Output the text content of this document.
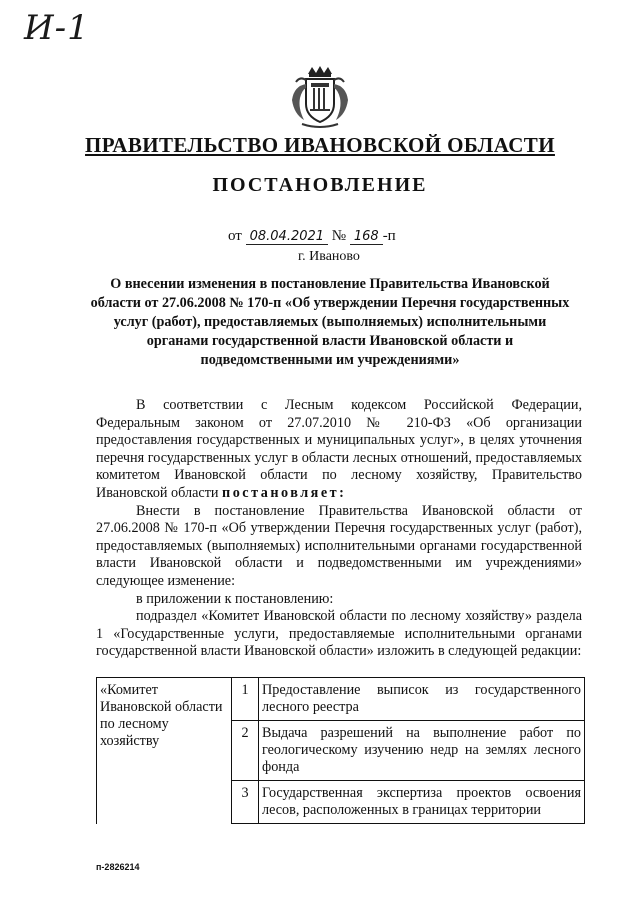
И-1
ПРАВИТЕЛЬСТВО ИВАНОВСКОЙ ОБЛАСТИ
ПОСТАНОВЛЕНИЕ
от 08.04.2021 № 168 -п
г. Иваново
О внесении изменения в постановление Правительства Ивановской области от 27.06.2008 № 170-п «Об утверждении Перечня государственных услуг (работ), предоставляемых (выполняемых) исполнительными органами государственной власти Ивановской области и подведомственными им учреждениями»

В соответствии с Лесным кодексом Российской Федерации, Федеральным законом от 27.07.2010 № 210-ФЗ «Об организации предоставления государственных и муниципальных услуг», в целях уточнения перечня государственных услуг в области лесных отношений, предоставляемых комитетом Ивановской области по лесному хозяйству, Правительство Ивановской области постановляет:

Внести в постановление Правительства Ивановской области от 27.06.2008 № 170-п «Об утверждении Перечня государственных услуг (работ), предоставляемых (выполняемых) исполнительными органами государственной власти Ивановской области и подведомственными им учреждениями» следующее изменение:

в приложении к постановлению:

подраздел «Комитет Ивановской области по лесному хозяйству» раздела 1 «Государственные услуги, предоставляемые исполнительными органами государственной власти Ивановской области» изложить в следующей редакции:

«Комитет Ивановской области по лесному хозяйству	1	Предоставление выписок из государственного лесного реестра
	2	Выдача разрешений на выполнение работ по геологическому изучению недр на землях лесного фонда
	3	Государственная экспертиза проектов освоения лесов, расположенных в границах территории
п-2826214
